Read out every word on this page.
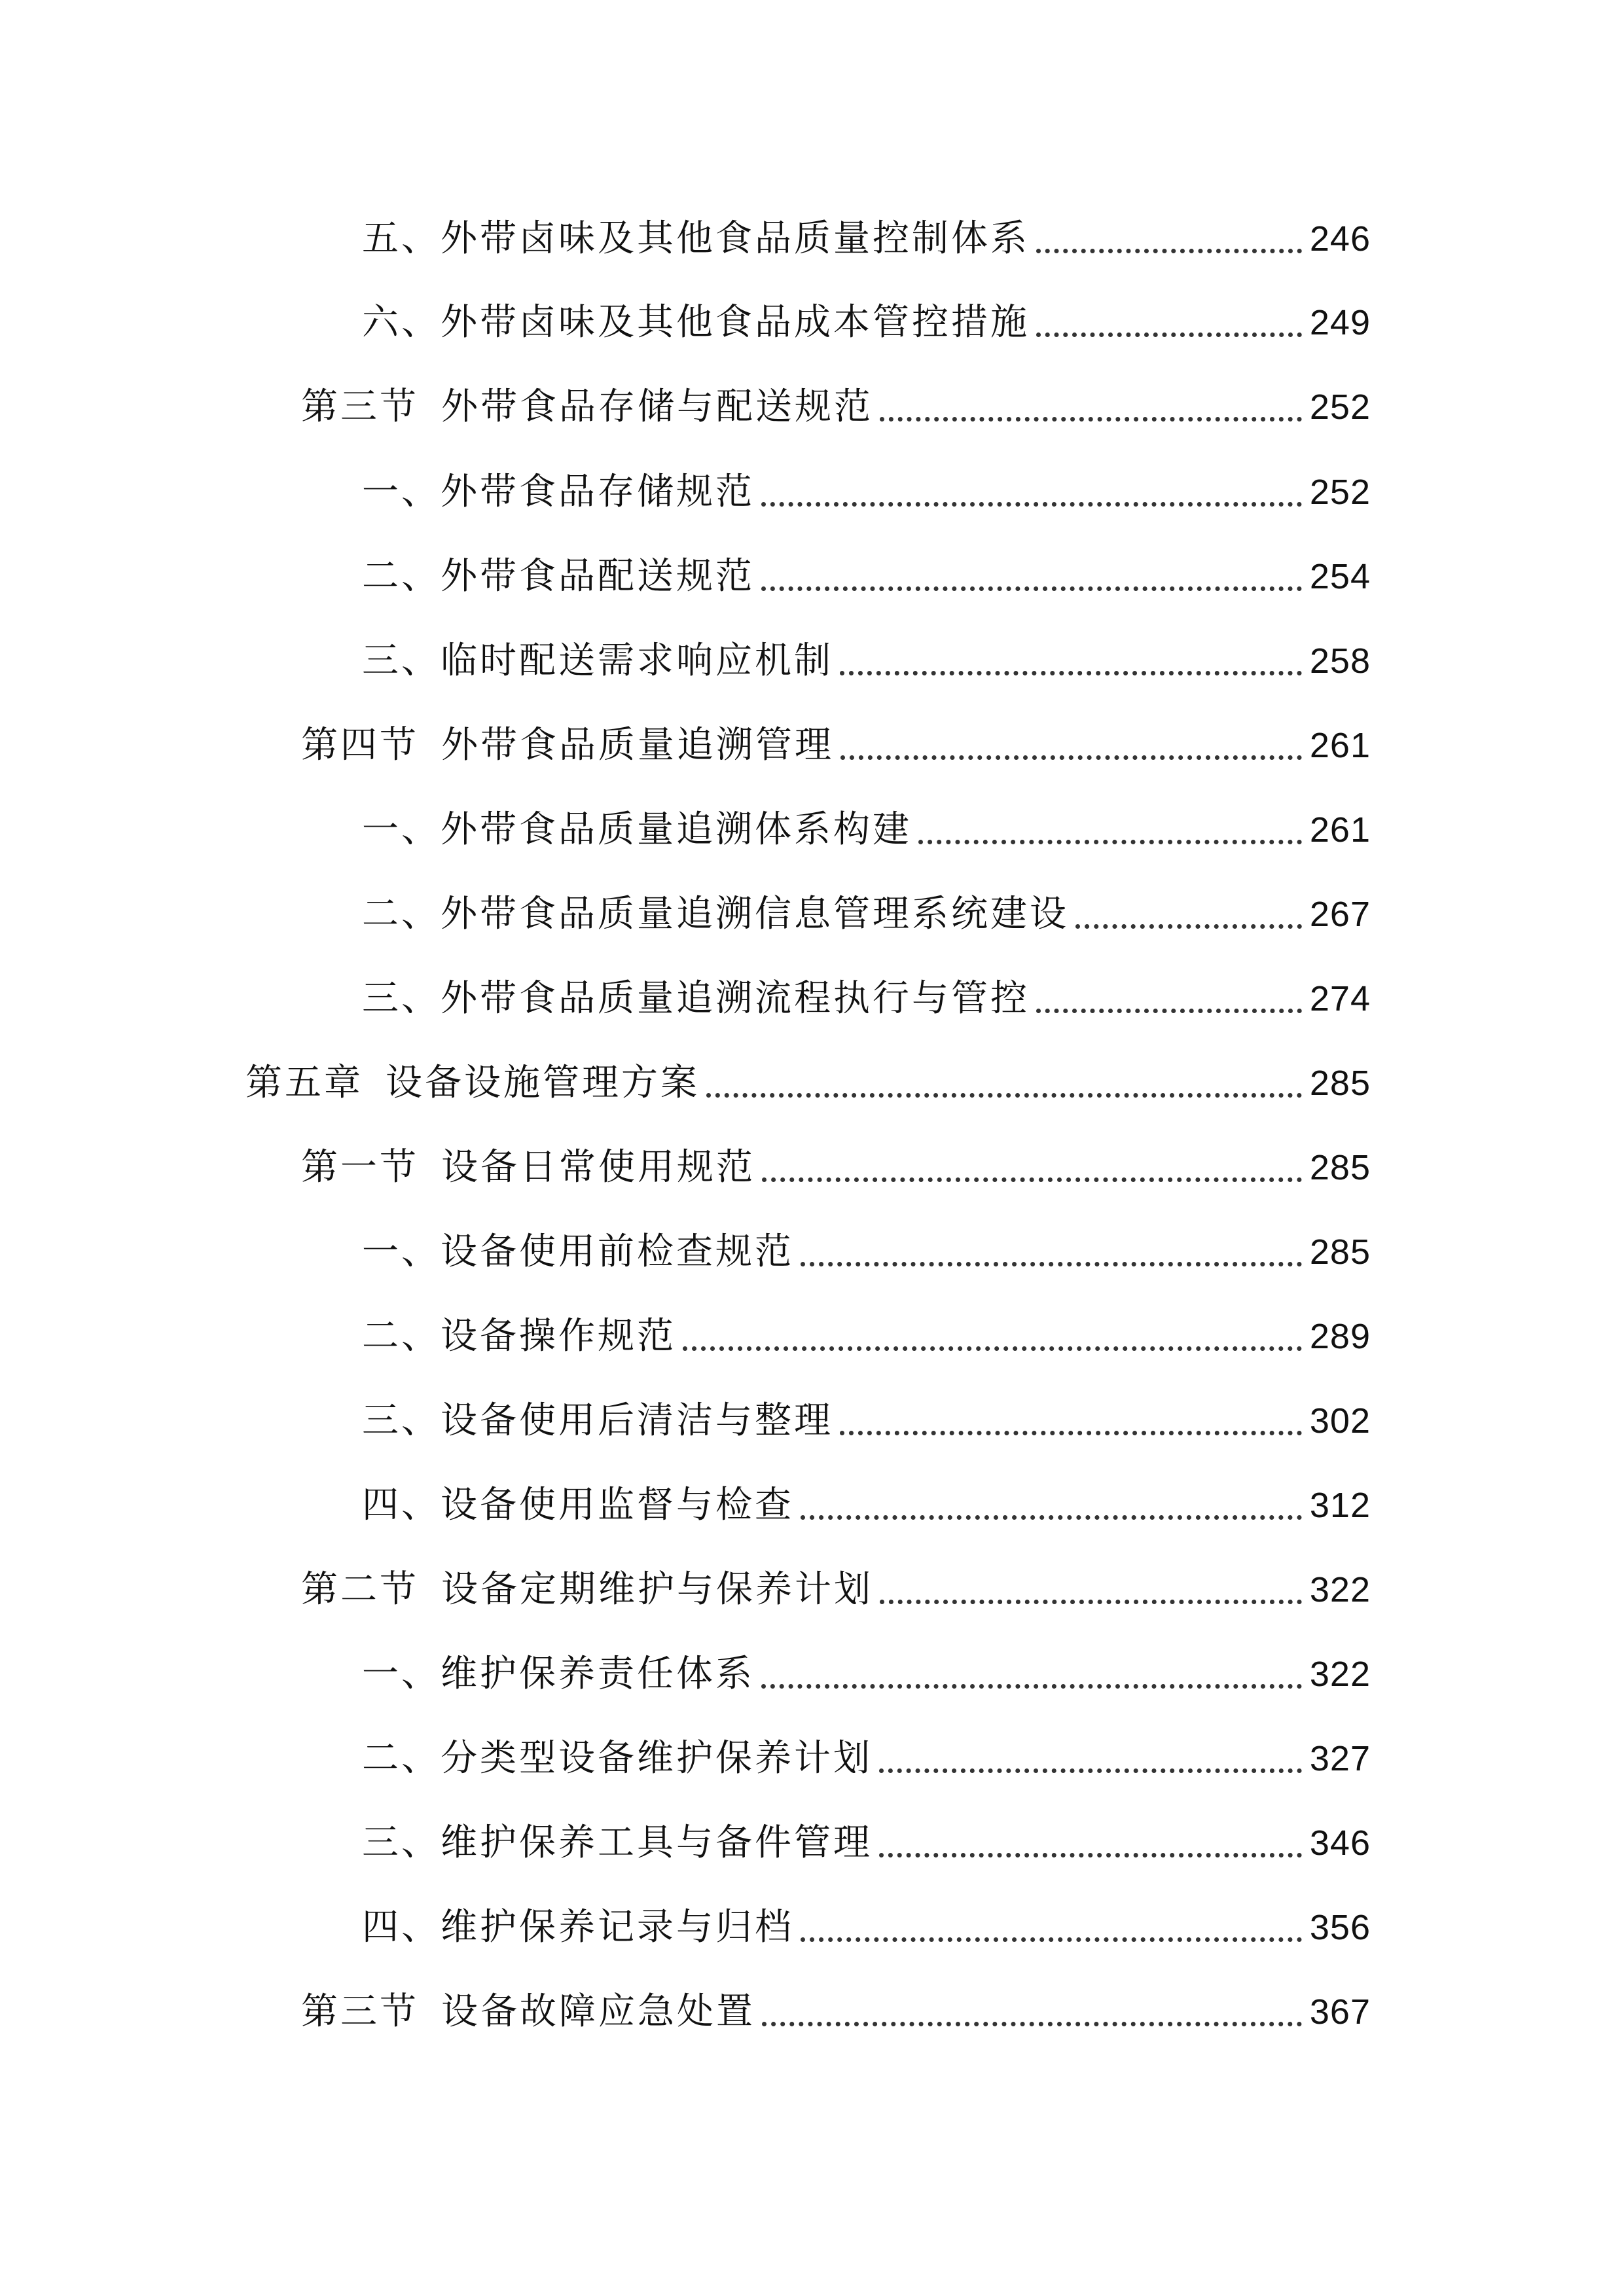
五、外带卤味及其他食品质量控制体系	246
六、外带卤味及其他食品成本管控措施	249
第三节 外带食品存储与配送规范	252
一、外带食品存储规范	252
二、外带食品配送规范	254
三、临时配送需求响应机制	258
第四节 外带食品质量追溯管理	261
一、外带食品质量追溯体系构建	261
二、外带食品质量追溯信息管理系统建设	267
三、外带食品质量追溯流程执行与管控	274
第五章 设备设施管理方案	285
第一节 设备日常使用规范	285
一、设备使用前检查规范	285
二、设备操作规范	289
三、设备使用后清洁与整理	302
四、设备使用监督与检查	312
第二节 设备定期维护与保养计划	322
一、维护保养责任体系	322
二、分类型设备维护保养计划	327
三、维护保养工具与备件管理	346
四、维护保养记录与归档	356
第三节 设备故障应急处置	367
